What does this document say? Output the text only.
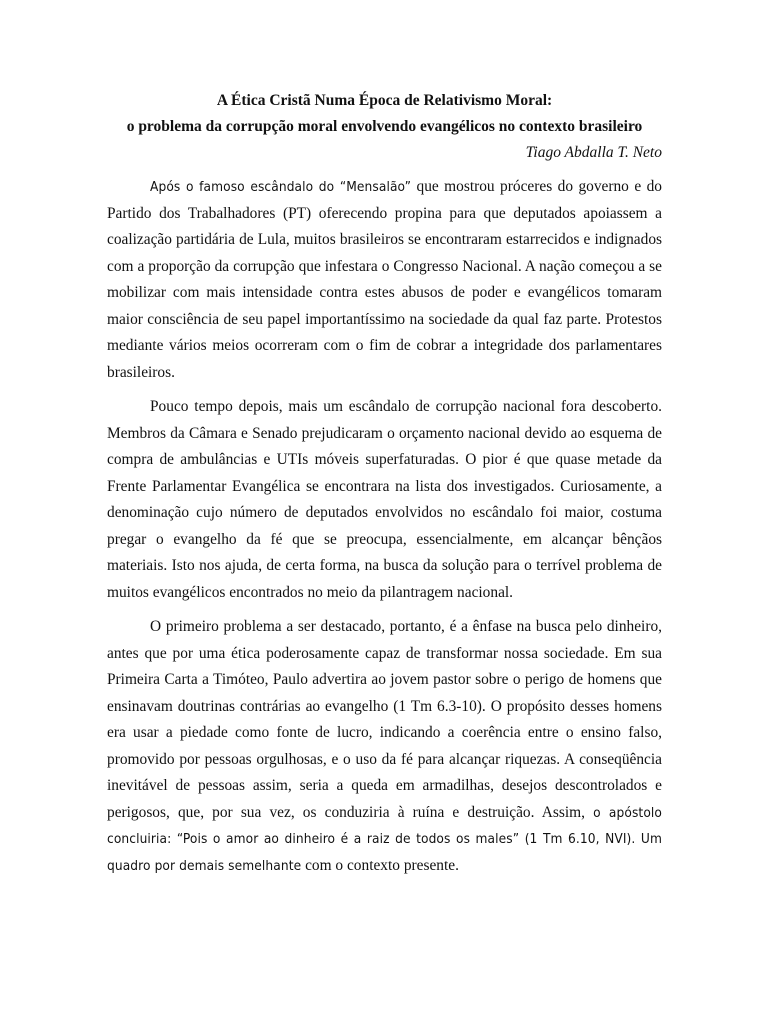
A Ética Cristã Numa Época de Relativismo Moral:

o problema da corrupção moral envolvendo evangélicos no contexto brasileiro

Tiago Abdalla T. Neto

Após o famoso escândalo do “Mensalão” que mostrou próceres do governo e do Partido dos Trabalhadores (PT) oferecendo propina para que deputados apoiassem a coalização partidária de Lula, muitos brasileiros se encontraram estarrecidos e indignados com a proporção da corrupção que infestara o Congresso Nacional. A nação começou a se mobilizar com mais intensidade contra estes abusos de poder e evangélicos tomaram maior consciência de seu papel importantíssimo na sociedade da qual faz parte. Protestos mediante vários meios ocorreram com o fim de cobrar a integridade dos parlamentares brasileiros.

Pouco tempo depois, mais um escândalo de corrupção nacional fora descoberto. Membros da Câmara e Senado prejudicaram o orçamento nacional devido ao esquema de compra de ambulâncias e UTIs móveis superfaturadas. O pior é que quase metade da Frente Parlamentar Evangélica se encontrara na lista dos investigados. Curiosamente, a denominação cujo número de deputados envolvidos no escândalo foi maior, costuma pregar o evangelho da fé que se preocupa, essencialmente, em alcançar bênçãos materiais. Isto nos ajuda, de certa forma, na busca da solução para o terrível problema de muitos evangélicos encontrados no meio da pilantragem nacional.

O primeiro problema a ser destacado, portanto, é a ênfase na busca pelo dinheiro, antes que por uma ética poderosamente capaz de transformar nossa sociedade. Em sua Primeira Carta a Timóteo, Paulo advertira ao jovem pastor sobre o perigo de homens que ensinavam doutrinas contrárias ao evangelho (1 Tm 6.3-10). O propósito desses homens era usar a piedade como fonte de lucro, indicando a coerência entre o ensino falso, promovido por pessoas orgulhosas, e o uso da fé para alcançar riquezas. A conseqüência inevitável de pessoas assim, seria a queda em armadilhas, desejos descontrolados e perigosos, que, por sua vez, os conduziria à ruína e destruição. Assim, o apóstolo concluiria: “Pois o amor ao dinheiro é a raiz de todos os males” (1 Tm 6.10, NVI). Um quadro por demais semelhante com o contexto presente.
